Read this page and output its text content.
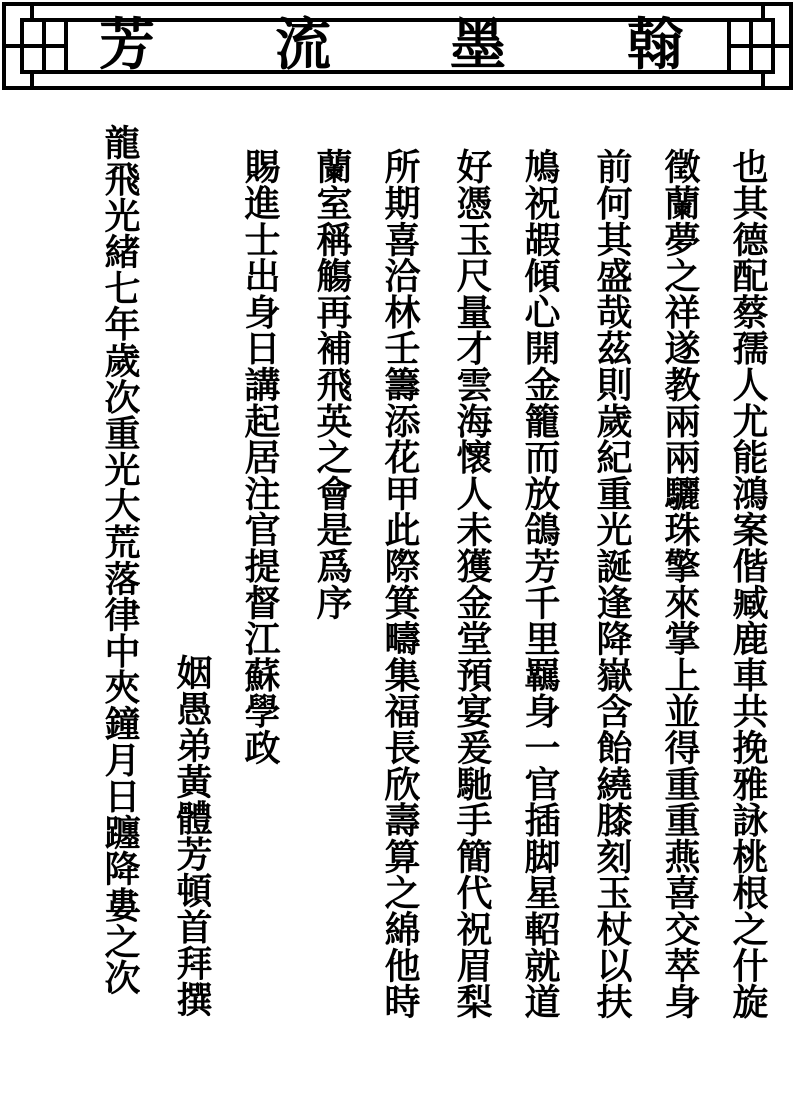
芳 流 墨 翰
也其德配蔡孺人尤能鴻案偕臧鹿車共挽雅詠桃根之什旋
徵蘭夢之祥遂教兩兩驪珠擎來掌上並得重重燕喜交萃身
前何其盛哉茲則歲紀重光誕逢降嶽含飴繞膝刻玉杖以扶
鳩祝嘏傾心開金籠而放鴿芳千里羈身一官插脚星軺就道
好憑玉尺量才雲海懷人未獲金堂預宴爰馳手簡代祝眉梨
所期喜洽林壬籌添花甲此際箕疇集福長欣壽算之綿他時
蘭室稱觴再補飛英之會是爲序
賜進士出身日講起居注官提督江蘇學政
姻愚弟黃體芳頓首拜撰
龍飛光緒七年歲次重光大荒落律中夾鐘月日躔降婁之次
